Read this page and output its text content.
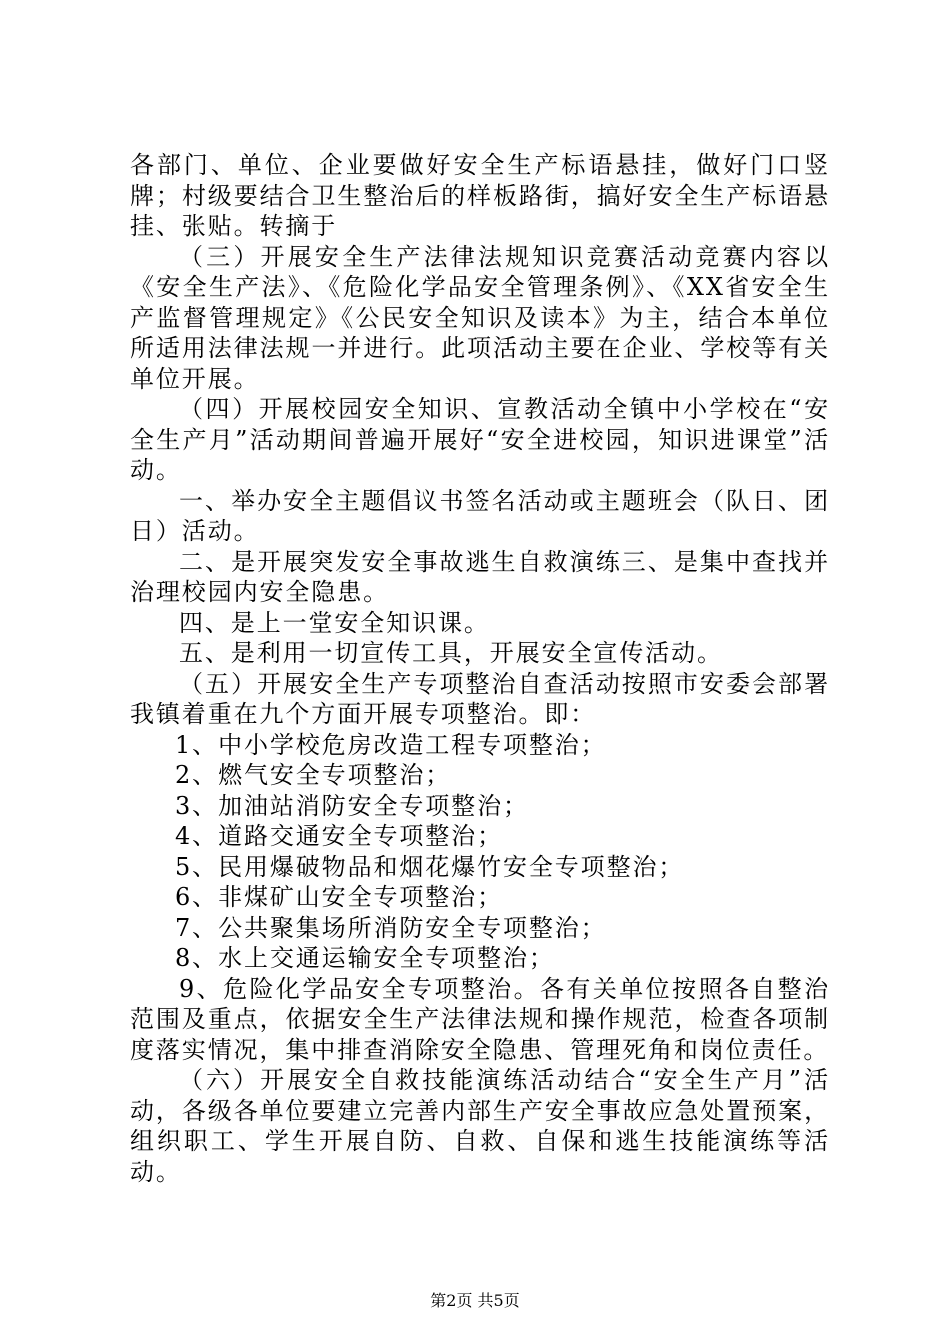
各部门、单位、企业要做好安全生产标语悬挂，做好门口竖牌；村级要结合卫生整治后的样板路街，搞好安全生产标语悬挂、张贴。转摘于

（三）开展安全生产法律法规知识竞赛活动竞赛内容以《安全生产法》、《危险化学品安全管理条例》、《XX省安全生产监督管理规定》《公民安全知识及读本》为主，结合本单位所适用法律法规一并进行。此项活动主要在企业、学校等有关单位开展。

（四）开展校园安全知识、宣教活动全镇中小学校在“安全生产月”活动期间普遍开展好“安全进校园，知识进课堂”活动。

一、举办安全主题倡议书签名活动或主题班会（队日、团日）活动。

二、是开展突发安全事故逃生自救演练三、是集中查找并治理校园内安全隐患。

四、是上一堂安全知识课。

五、是利用一切宣传工具，开展安全宣传活动。

（五）开展安全生产专项整治自查活动按照市安委会部署我镇着重在九个方面开展专项整治。即：

1、中小学校危房改造工程专项整治；

2、燃气安全专项整治；

3、加油站消防安全专项整治；

4、道路交通安全专项整治；

5、民用爆破物品和烟花爆竹安全专项整治；

6、非煤矿山安全专项整治；

7、公共聚集场所消防安全专项整治；

8、水上交通运输安全专项整治；

9、危险化学品安全专项整治。各有关单位按照各自整治范围及重点，依据安全生产法律法规和操作规范，检查各项制度落实情况，集中排查消除安全隐患、管理死角和岗位责任。

（六）开展安全自救技能演练活动结合“安全生产月”活动，各级各单位要建立完善内部生产安全事故应急处置预案，组织职工、学生开展自防、自救、自保和逃生技能演练等活动。

第2页 共5页
